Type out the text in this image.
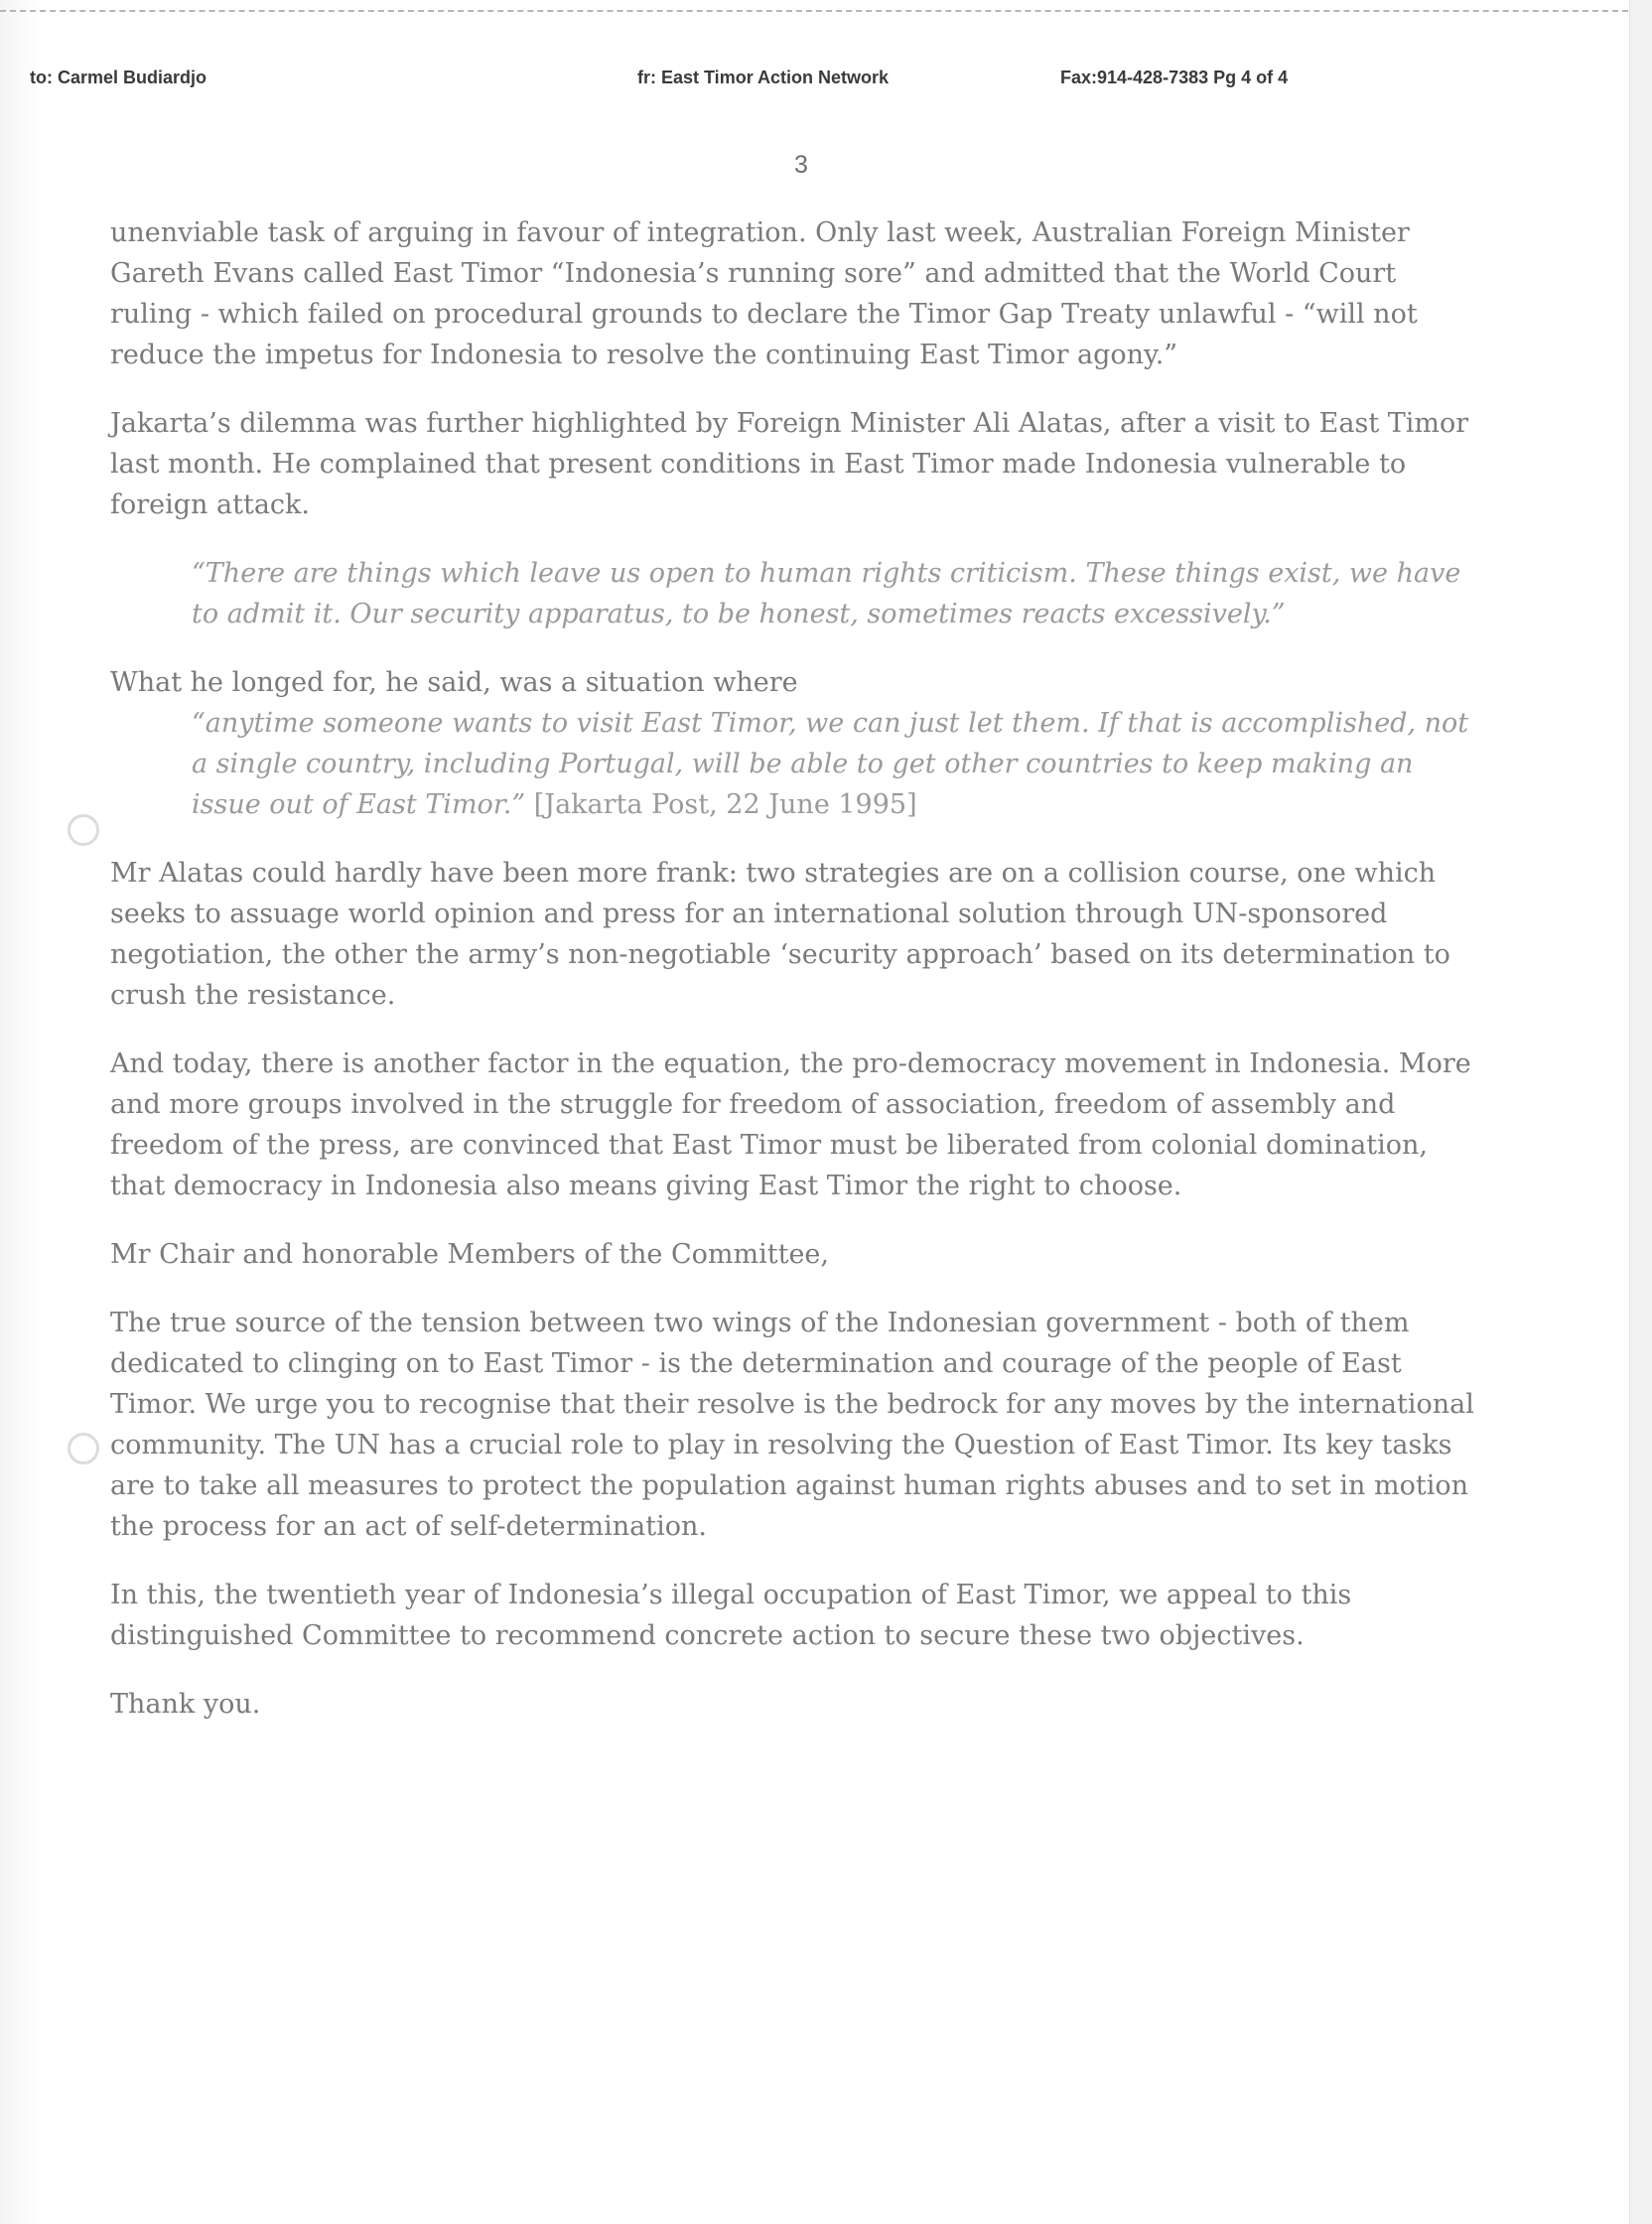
to: Carmel Budiardjo	fr: East Timor Action Network	Fax:914-428-7383 Pg 4 of 4
3

unenviable task of arguing in favour of integration. Only last week, Australian Foreign Minister Gareth Evans called East Timor “Indonesia’s running sore” and admitted that the World Court ruling - which failed on procedural grounds to declare the Timor Gap Treaty unlawful - “will not reduce the impetus for Indonesia to resolve the continuing East Timor agony.”

Jakarta’s dilemma was further highlighted by Foreign Minister Ali Alatas, after a visit to East Timor last month. He complained that present conditions in East Timor made Indonesia vulnerable to foreign attack.

“There are things which leave us open to human rights criticism. These things exist, we have to admit it. Our security apparatus, to be honest, sometimes reacts excessively.”

What he longed for, he said, was a situation where

“anytime someone wants to visit East Timor, we can just let them. If that is accomplished, not a single country, including Portugal, will be able to get other countries to keep making an issue out of East Timor.” [Jakarta Post, 22 June 1995]

Mr Alatas could hardly have been more frank: two strategies are on a collision course, one which seeks to assuage world opinion and press for an international solution through UN-sponsored negotiation, the other the army’s non-negotiable ‘security approach’ based on its determination to crush the resistance.

And today, there is another factor in the equation, the pro-democracy movement in Indonesia. More and more groups involved in the struggle for freedom of association, freedom of assembly and freedom of the press, are convinced that East Timor must be liberated from colonial domination, that democracy in Indonesia also means giving East Timor the right to choose.

Mr Chair and honorable Members of the Committee,

The true source of the tension between two wings of the Indonesian government - both of them dedicated to clinging on to East Timor - is the determination and courage of the people of East Timor. We urge you to recognise that their resolve is the bedrock for any moves by the international community. The UN has a crucial role to play in resolving the Question of East Timor. Its key tasks are to take all measures to protect the population against human rights abuses and to set in motion the process for an act of self-determination.

In this, the twentieth year of Indonesia’s illegal occupation of East Timor, we appeal to this distinguished Committee to recommend concrete action to secure these two objectives.

Thank you.
